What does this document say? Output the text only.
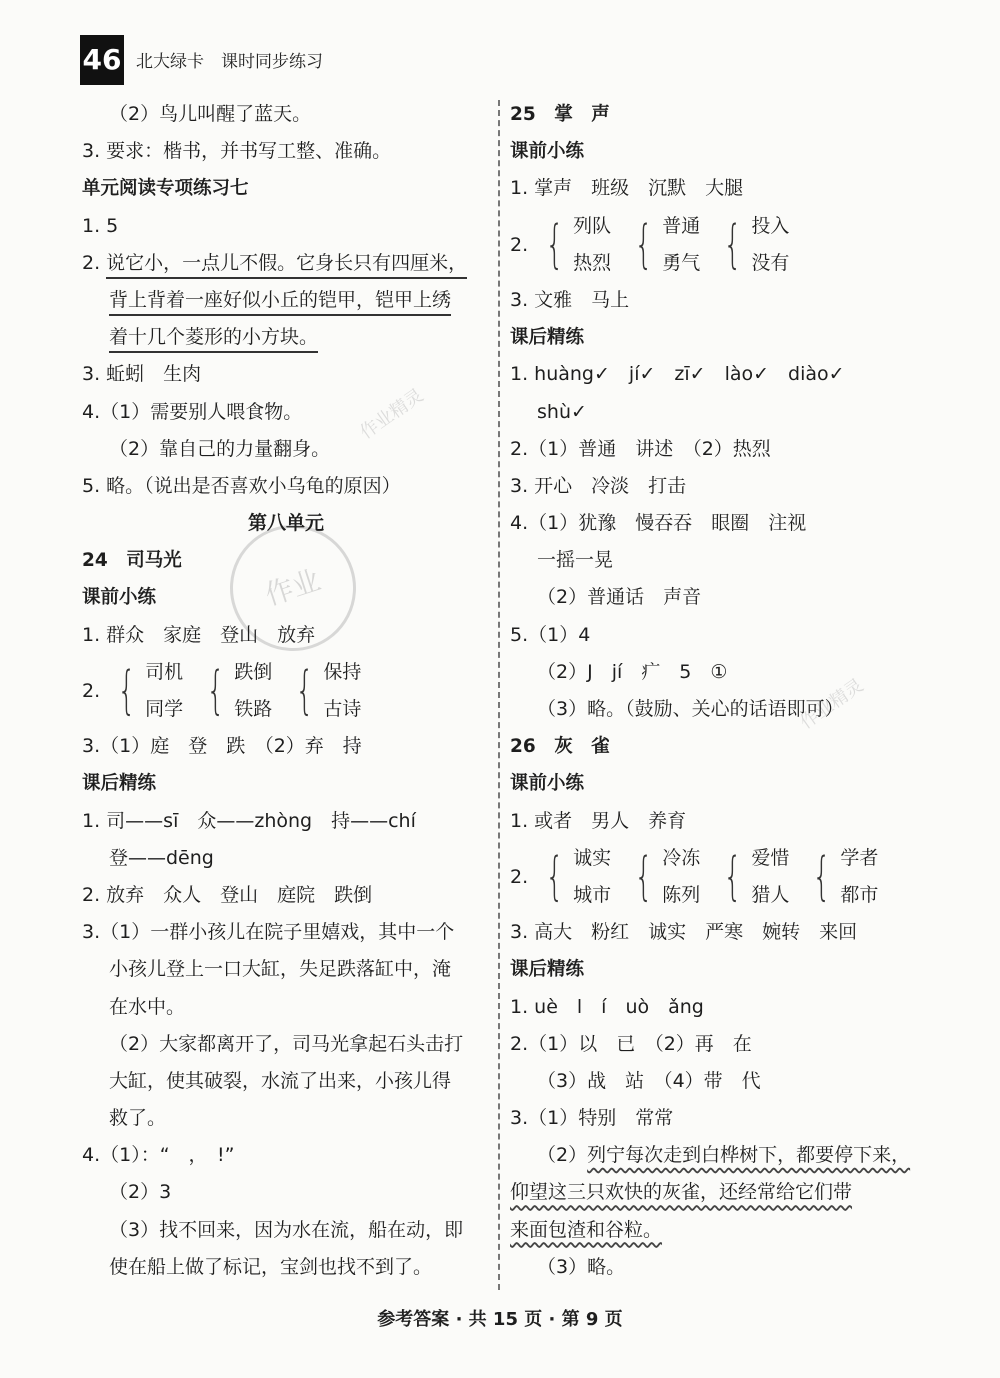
46 北大绿卡　课时同步练习
作业
作业精灵
作业精灵
（2）鸟儿叫醒了蓝天。
3. 要求：楷书，并书写工整、准确。
单元阅读专项练习七
1. 5
2. 说它小，一点儿不假。它身长只有四厘米，
背上背着一座好似小丘的铠甲，铠甲上绣
着十几个菱形的小方块。
3. 蚯蚓　生肉
4.（1）需要别人喂食物。
（2）靠自己的力量翻身。
5. 略。（说出是否喜欢小乌龟的原因）
第八单元
24　司马光
课前小练
1. 群众　家庭　登山　放弃
2. { 司机
同学 { 跌倒
铁路 { 保持
古诗
3.（1）庭　登　跌　（2）弃　持
课后精练
1. 司——sī　众——zhòng　持——chí
登——dēng
2. 放弃　众人　登山　庭院　跌倒
3.（1）一群小孩儿在院子里嬉戏，其中一个
小孩儿登上一口大缸，失足跌落缸中，淹
在水中。
（2）大家都离开了，司马光拿起石头击打
大缸，使其破裂，水流了出来，小孩儿得
救了。
4.（1）：“　，　!”
（2）3
（3）找不回来，因为水在流，船在动，即
使在船上做了标记，宝剑也找不到了。
25　掌　声
课前小练
1. 掌声　班级　沉默　大腿
2. { 列队
热烈 { 普通
勇气 { 投入
没有
3. 文雅　马上
课后精练
1. huàng✓　jí✓　zī✓　lào✓　diào✓
shù✓
2.（1）普通　讲述　（2）热烈
3. 开心　冷淡　打击
4.（1）犹豫　慢吞吞　眼圈　注视
一摇一晃
（2）普通话　声音
5.（1）4
（2）J　jí　疒　5　①
（3）略。（鼓励、关心的话语即可）
26　灰　雀
课前小练
1. 或者　男人　养育
2. { 诚实
城市 { 冷冻
陈列 { 爱惜
猎人 { 学者
都市
3. 高大　粉红　诚实　严寒　婉转　来回
课后精练
1. uè　l　í　uò　ǎng
2.（1）以　已　（2）再　在
（3）战　站　（4）带　代
3.（1）特别　常常
（2）列宁每次走到白桦树下，都要停下来，
仰望这三只欢快的灰雀，还经常给它们带
来面包渣和谷粒。
（3）略。
参考答案 · 共 15 页 · 第 9 页
